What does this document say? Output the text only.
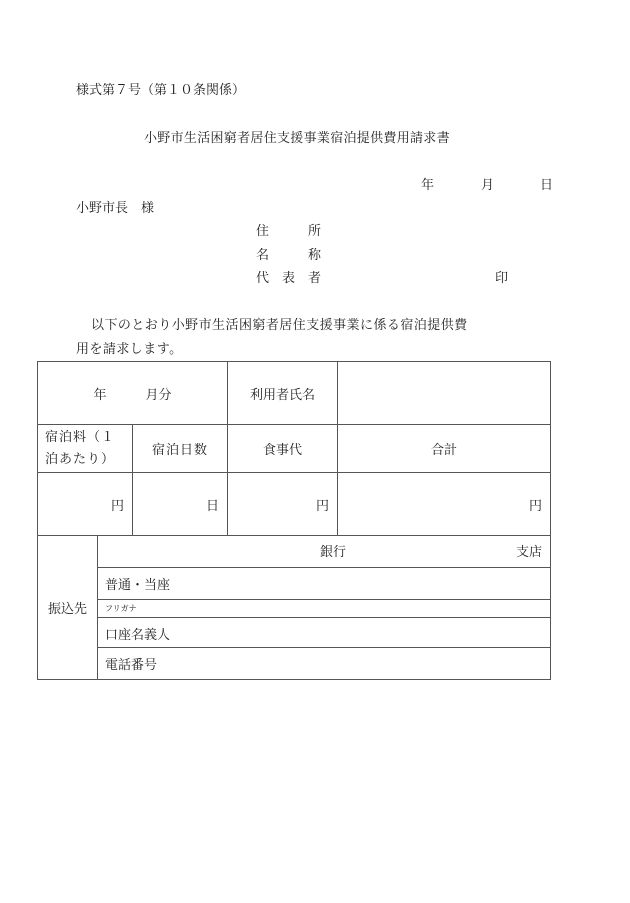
様式第７号（第１０条関係）
小野市生活困窮者居住支援事業宿泊提供費用請求書
年	月	日
小野市長　様
住　　　所
名　　　称
代　表　者	印
以下のとおり小野市生活困窮者居住支援事業に係る宿泊提供費
用を請求します。
年　　　月分			利用者氏名	

宿泊料（１
泊あたり）		宿泊日数	食事代	合計
円		日	円	円
振込先	銀行 支店			

	普通・当座			
	フリガナ			
	口座名義人			
	電話番号			
